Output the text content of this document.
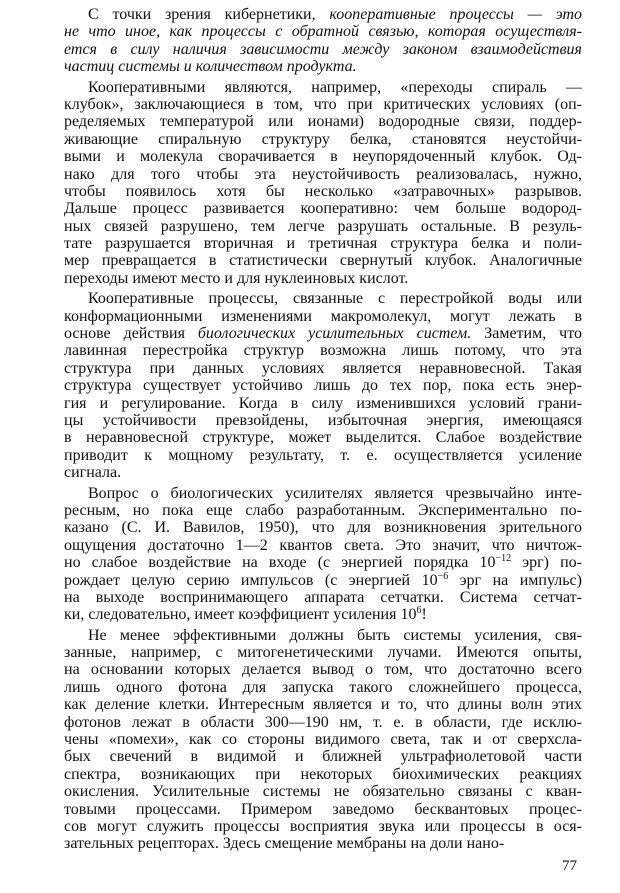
С точки зрения кибернетики, кооперативные процессы — это
не что иное, как процессы с обратной связью, которая осуществля-
ется в силу наличия зависимости между законом взаимодействия
частиц системы и количеством продукта.
Кооперативными являются, например, «переходы спираль —
клубок», заключающиеся в том, что при критических условиях (оп-
ределяемых температурой или ионами) водородные связи, поддер-
живающие спиральную структуру белка, становятся неустойчи-
выми и молекула сворачивается в неупорядоченный клубок. Од-
нако для того чтобы эта неустойчивость реализовалась, нужно,
чтобы появилось хотя бы несколько «затравочных» разрывов.
Дальше процесс развивается кооперативно: чем больше водород-
ных связей разрушено, тем легче разрушать остальные. В резуль-
тате разрушается вторичная и третичная структура белка и поли-
мер превращается в статистически свернутый клубок. Аналогичные
переходы имеют место и для нуклеиновых кислот.
Кооперативные процессы, связанные с перестройкой воды или
конформационными изменениями макромолекул, могут лежать в
основе действия биологических усилительных систем. Заметим, что
лавинная перестройка структур возможна лишь потому, что эта
структура при данных условиях является неравновесной. Такая
структура существует устойчиво лишь до тех пор, пока есть энер-
гия и регулирование. Когда в силу изменившихся условий грани-
цы устойчивости превзойдены, избыточная энергия, имеющаяся
в неравновесной структуре, может выделится. Слабое воздействие
приводит к мощному результату, т. е. осуществляется усиление
сигнала.
Вопрос о биологических усилителях является чрезвычайно инте-
ресным, но пока еще слабо разработанным. Экспериментально по-
казано (С. И. Вавилов, 1950), что для возникновения зрительного
ощущения достаточно 1—2 квантов света. Это значит, что ничтож-
но слабое воздействие на входе (с энергией порядка $10^{-12}$ эрг) по-
рождает целую серию импульсов (с энергией $10^{-6}$ эрг на импульс)
на выходе воспринимающего аппарата сетчатки. Система сетчат-
ки, следовательно, имеет коэффициент усиления $10^6$!
Не менее эффективными должны быть системы усиления, свя-
занные, например, с митогенетическими лучами. Имеются опыты,
на основании которых делается вывод о том, что достаточно всего
лишь одного фотона для запуска такого сложнейшего процесса,
как деление клетки. Интересным является и то, что длины волн этих
фотонов лежат в области 300—190 нм, т. е. в области, где исклю-
чены «помехи», как со стороны видимого света, так и от сверхсла-
бых свечений в видимой и ближней ультрафиолетовой части
спектра, возникающих при некоторых биохимических реакциях
окисления. Усилительные системы не обязательно связаны с кван-
товыми процессами. Примером заведомо бесквантовых процес-
сов могут служить процессы восприятия звука или процессы в ося-
зательных рецепторах. Здесь смещение мембраны на доли нано-
77
